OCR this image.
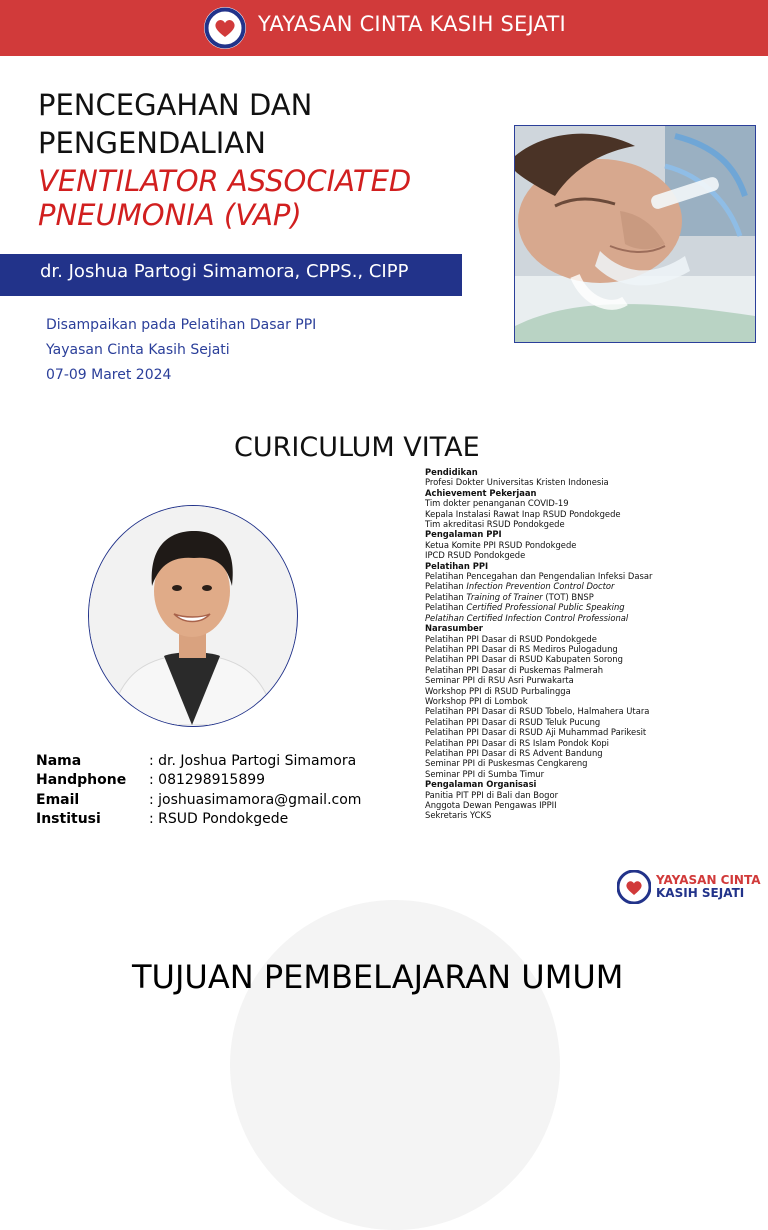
YAYASAN CINTA KASIH SEJATI
PENCEGAHAN DAN
PENGENDALIAN
VENTILATOR ASSOCIATED
PNEUMONIA (VAP)
dr. Joshua Partogi Simamora, CPPS., CIPP
Disampaikan pada Pelatihan Dasar PPI
Yayasan Cinta Kasih Sejati
07-09 Maret 2024
CURICULUM VITAE
Pendidikan
Profesi Dokter Universitas Kristen Indonesia
Achievement Pekerjaan
Tim dokter penanganan COVID-19
Kepala Instalasi Rawat Inap RSUD Pondokgede
Tim akreditasi RSUD Pondokgede
Pengalaman PPI
Ketua Komite PPI RSUD Pondokgede
IPCD RSUD Pondokgede
Pelatihan PPI
Pelatihan Pencegahan dan Pengendalian Infeksi Dasar
Pelatihan Infection Prevention Control Doctor
Pelatihan Training of Trainer (TOT) BNSP
Pelatihan Certified Professional Public Speaking
Pelatihan Certified Infection Control Professional
Narasumber
Pelatihan PPI Dasar di RSUD Pondokgede
Pelatihan PPI Dasar di RS Mediros Pulogadung
Pelatihan PPI Dasar di RSUD Kabupaten Sorong
Pelatihan PPI Dasar di Puskemas Palmerah
Seminar PPI di RSU Asri Purwakarta
Workshop PPI di RSUD Purbalingga
Workshop PPI di Lombok
Pelatihan PPI Dasar di RSUD Tobelo, Halmahera Utara
Pelatihan PPI Dasar di RSUD Teluk Pucung
Pelatihan PPI Dasar di RSUD Aji Muhammad Parikesit
Pelatihan PPI Dasar di RS Islam Pondok Kopi
Pelatihan PPI Dasar di RS Advent Bandung
Seminar PPI di Puskesmas Cengkareng
Seminar PPI di Sumba Timur
Pengalaman Organisasi
Panitia PIT PPI di Bali dan Bogor
Anggota Dewan Pengawas IPPII
Sekretaris YCKS
Nama	: dr. Joshua Partogi Simamora
Handphone : 081298915899
Email	: joshuasimamora@gmail.com
Institusi	: RSUD Pondokgede
YAYASAN CINTA
KASIH SEJATI
TUJUAN PEMBELAJARAN UMUM
